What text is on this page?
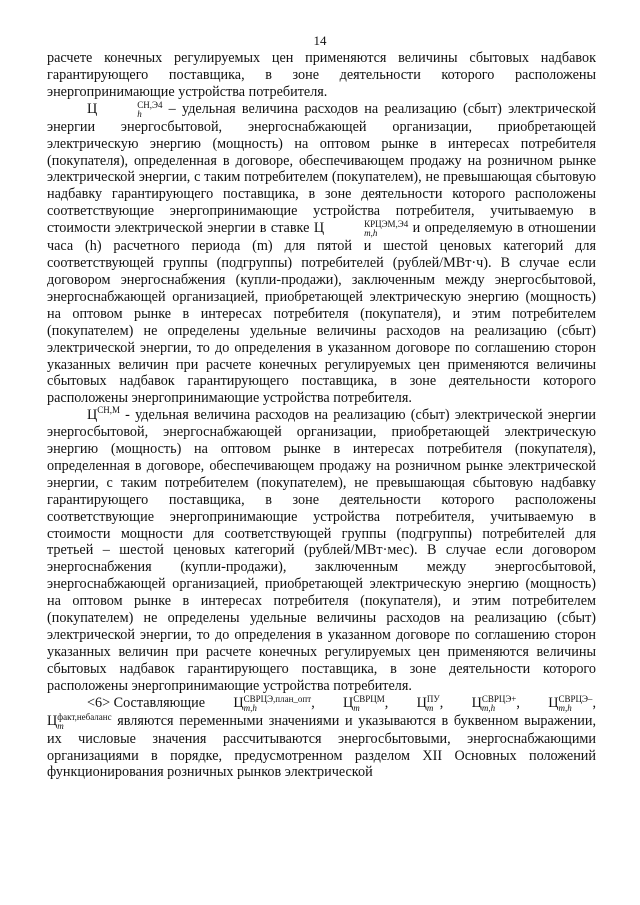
14

расчете конечных регулируемых цен применяются величины сбытовых надбавок гарантирующего поставщика, в зоне деятельности которого расположены энергопринимающие устройства потребителя.

Ц	СН,Э4
h	– удельная величина расходов на реализацию (сбыт) электрической энергии энергосбытовой, энергоснабжающей организации, приобретающей электрическую энергию (мощность) на оптовом рынке в интересах потребителя (покупателя), определенная в договоре, обеспечивающем продажу на розничном рынке электрической энергии, с таким потребителем (покупателем), не превышающая сбытовую надбавку гарантирующего поставщика, в зоне деятельности которого расположены соответствующие энергопринимающие устройства потребителя, учитываемую в стоимости электрической энергии в ставке Ц	КРЦЭМ,Э4
m,h	и определяемую в отношении часа (h) расчетного периода (m) для пятой и шестой ценовых категорий для соответствующей группы (подгруппы) потребителей (рублей/МВт·ч). В случае если договором энергоснабжения (купли-продажи), заключенным между энергосбытовой, энергоснабжающей организацией, приобретающей электрическую энергию (мощность) на оптовом рынке в интересах потребителя (покупателя), и этим потребителем (покупателем) не определены удельные величины расходов на реализацию (сбыт) электрической энергии, то до определения в указанном договоре по соглашению сторон указанных величин при расчете конечных регулируемых цен применяются величины сбытовых надбавок гарантирующего поставщика, в зоне деятельности которого расположены энергопринимающие устройства потребителя.

$Ц^{СН,М}$ - удельная величина расходов на реализацию (сбыт) электрической энергии энергосбытовой, энергоснабжающей организации, приобретающей электрическую энергию (мощность) на оптовом рынке в интересах потребителя (покупателя), определенная в договоре, обеспечивающем продажу на розничном рынке электрической энергии, с таким потребителем (покупателем), не превышающая сбытовую надбавку гарантирующего поставщика, в зоне деятельности которого расположены соответствующие энергопринимающие устройства потребителя, учитываемую в стоимости мощности для соответствующей группы (подгруппы) потребителей для третьей – шестой ценовых категорий (рублей/МВт·мес). В случае если договором энергоснабжения (купли-продажи), заключенным между энергосбытовой, энергоснабжающей организацией, приобретающей электрическую энергию (мощность) на оптовом рынке в интересах потребителя (покупателя), и этим потребителем (покупателем) не определены удельные величины расходов на реализацию (сбыт) электрической энергии, то до определения в указанном договоре по соглашению сторон указанных величин при расчете конечных регулируемых цен применяются величины сбытовых надбавок гарантирующего поставщика, в зоне деятельности которого расположены энергопринимающие устройства потребителя.

<6> Составляющие Ц СВРЦЭ,план_опт
m,h	, Ц СВРЦМ
m	, Ц ПУ
m , Ц СВРЦЭ+
m,h	, Ц СВРЦЭ–
m,h	,

Ц факт,небаланс
m	являются переменными значениями и указываются в буквенном выражении, их числовые значения рассчитываются энергосбытовыми, энергоснабжающими организациями в порядке, предусмотренном разделом XII Основных положений функционирования розничных рынков электрической
